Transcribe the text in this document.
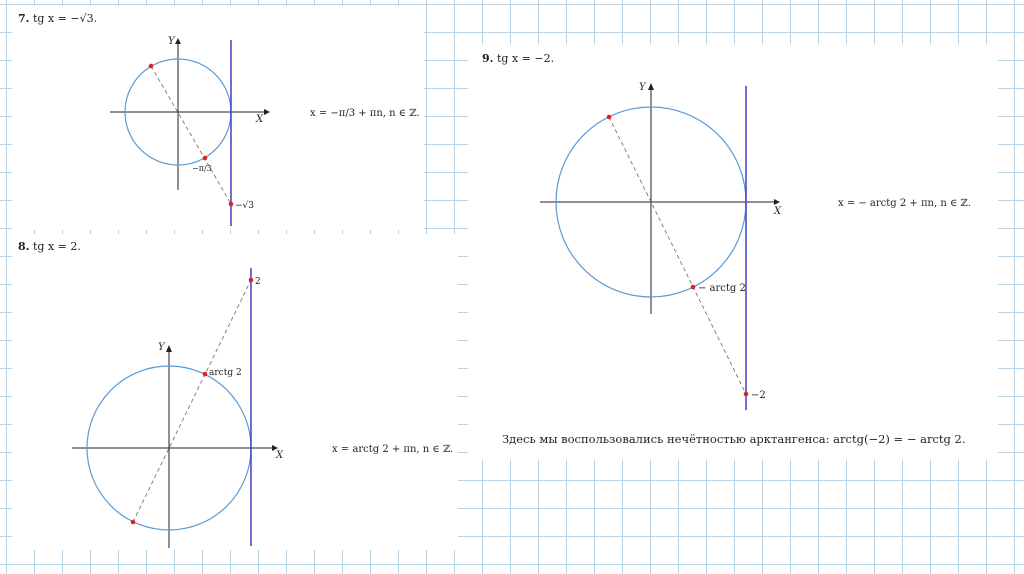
7. tg x = −√3.
Y
X
−π/3
−√3
x = −π/3 + πn, n ∈ ℤ.
8. tg x = 2.
Y
X
arctg 2
2
x = arctg 2 + πn, n ∈ ℤ.
9. tg x = −2.
Y
X
− arctg 2
−2
x = − arctg 2 + πn, n ∈ ℤ.
Здесь мы воспользовались нечётностью арктангенса: arctg(−2) = − arctg 2.
